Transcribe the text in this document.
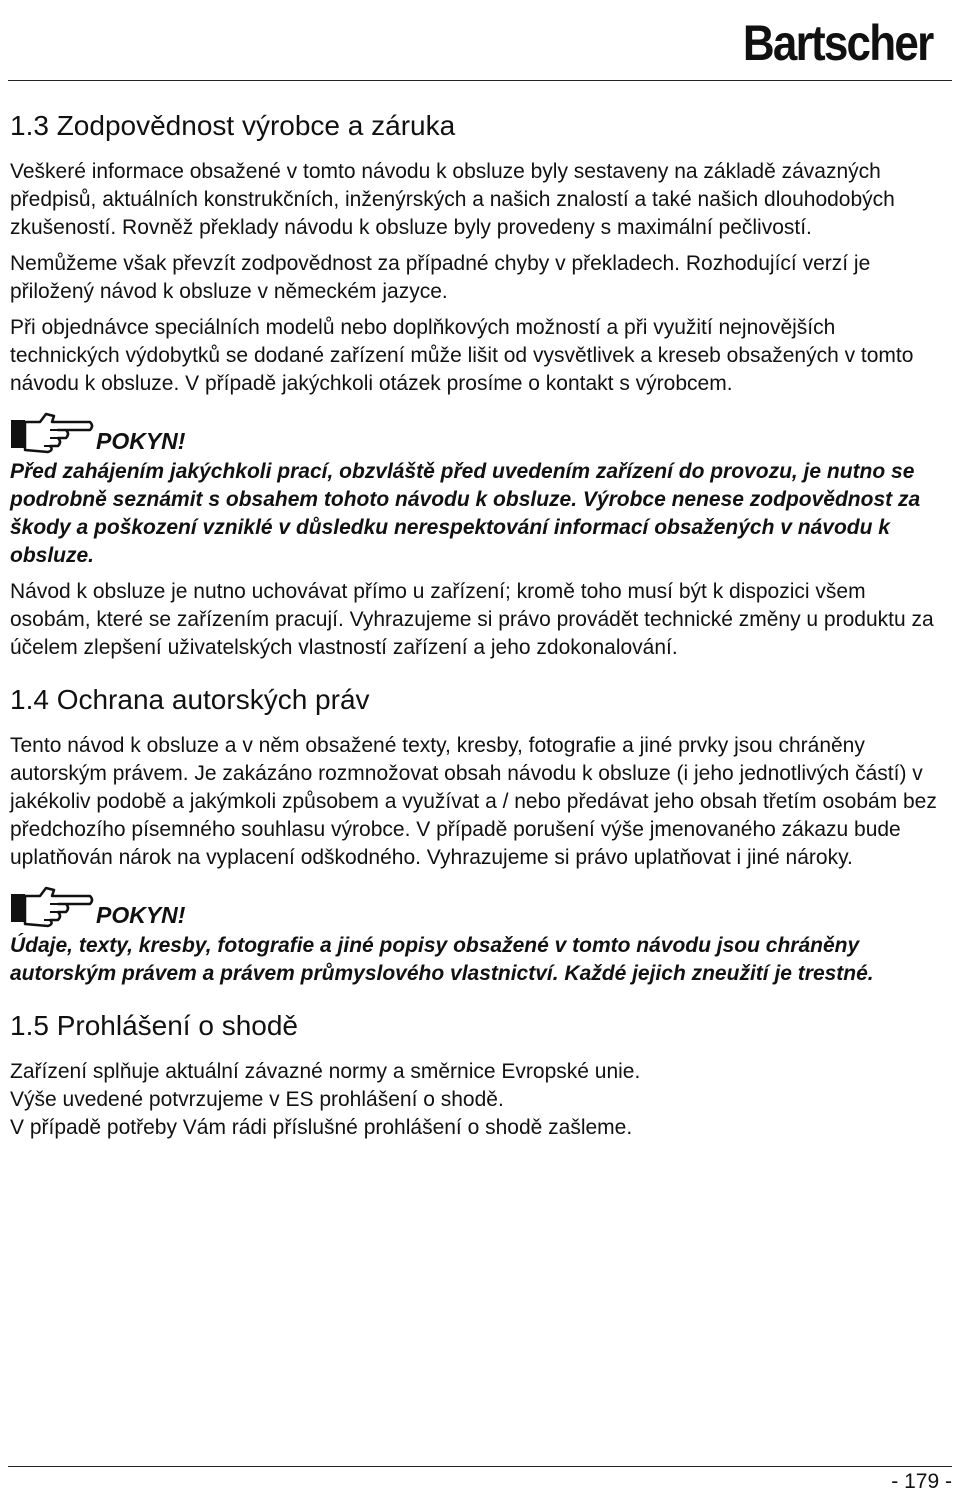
Bartscher
1.3 Zodpovědnost výrobce a záruka

Veškeré informace obsažené v tomto návodu k obsluze byly sestaveny na základě závazných předpisů, aktuálních konstrukčních, inženýrských a našich znalostí a také našich dlouhodobých zkušeností. Rovněž překlady návodu k obsluze byly provedeny s maximální pečlivostí.

Nemůžeme však převzít zodpovědnost za případné chyby v překladech. Rozhodující verzí je přiložený návod k obsluze v německém jazyce.

Při objednávce speciálních modelů nebo doplňkových možností a při využití nejnovějších technických výdobytků se dodané zařízení může lišit od vysvětlivek a kreseb obsažených v tomto návodu k obsluze. V případě jakýchkoli otázek prosíme o kontakt s výrobcem.

POKYN!

Před zahájením jakýchkoli prací, obzvláště před uvedením zařízení do provozu, je nutno se podrobně seznámit s obsahem tohoto návodu k obsluze. Výrobce nenese zodpovědnost za škody a poškození vzniklé v důsledku nerespektování informací obsažených v návodu k obsluze.

Návod k obsluze je nutno uchovávat přímo u zařízení; kromě toho musí být k dispozici všem osobám, které se zařízením pracují. Vyhrazujeme si právo provádět technické změny u produktu za účelem zlepšení uživatelských vlastností zařízení a jeho zdokonalování.

1.4 Ochrana autorských práv

Tento návod k obsluze a v něm obsažené texty, kresby, fotografie a jiné prvky jsou chráněny autorským právem. Je zakázáno rozmnožovat obsah návodu k obsluze (i jeho jednotlivých částí) v jakékoliv podobě a jakýmkoli způsobem a využívat a / nebo předávat jeho obsah třetím osobám bez předchozího písemného souhlasu výrobce. V případě porušení výše jmenovaného zákazu bude uplatňován nárok na vyplacení odškodného. Vyhrazujeme si právo uplatňovat i jiné nároky.

POKYN!

Údaje, texty, kresby, fotografie a jiné popisy obsažené v tomto návodu jsou chráněny autorským právem a právem průmyslového vlastnictví. Každé jejich zneužití je trestné.

1.5 Prohlášení o shodě

Zařízení splňuje aktuální závazné normy a směrnice Evropské unie.

Výše uvedené potvrzujeme v ES prohlášení o shodě.

V případě potřeby Vám rádi příslušné prohlášení o shodě zašleme.

- 179 -
